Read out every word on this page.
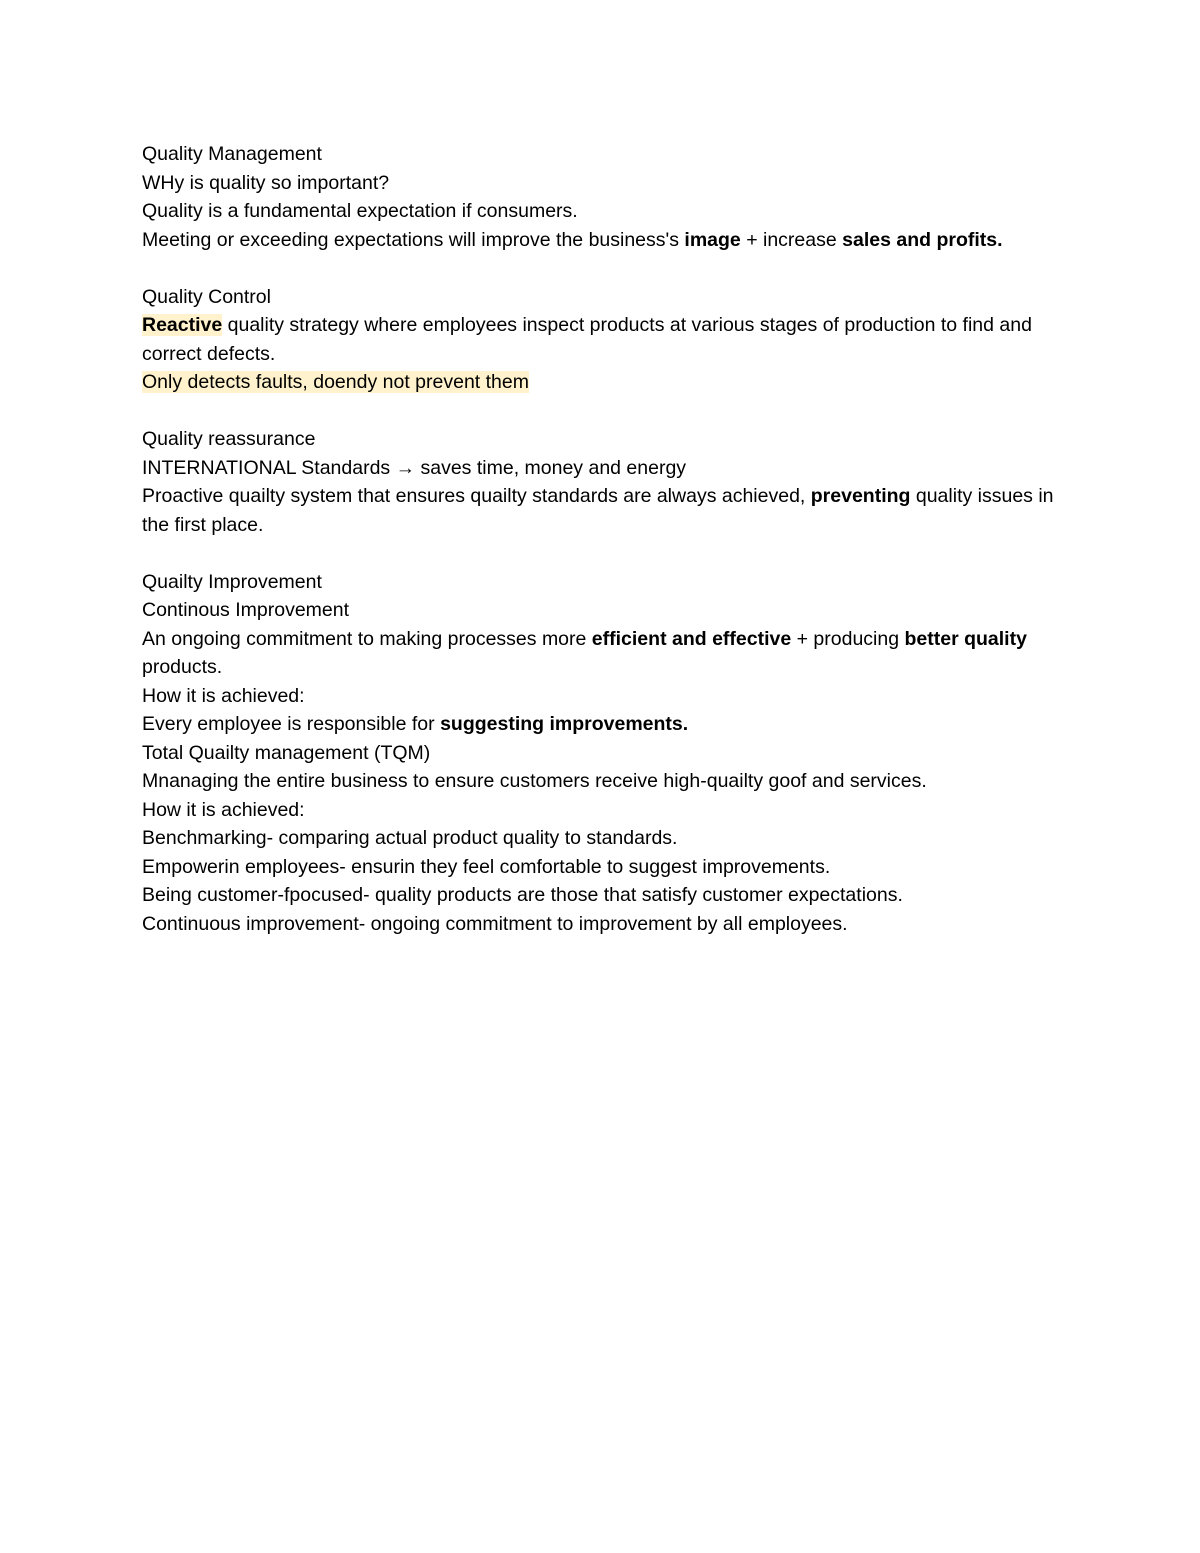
Quality Management

WHy is quality so important?

Quality is a fundamental expectation if consumers.

Meeting or exceeding expectations will improve the business's image + increase sales and profits.

Quality Control

Reactive quality strategy where employees inspect products at various stages of production to find and correct defects.

Only detects faults, doendy not prevent them

Quality reassurance

INTERNATIONAL Standards → saves time, money and energy

Proactive quailty system that ensures quailty standards are always achieved, preventing quality issues in the first place.

Quailty Improvement

Continous Improvement

An ongoing commitment to making processes more efficient and effective + producing better quality  products.

How it is achieved:

Every employee is responsible for suggesting improvements.

Total Quailty management (TQM)

Mnanaging the entire business to ensure customers receive high-quailty goof and services.

How it is achieved:

Benchmarking- comparing actual product quality to standards.

Empowerin employees- ensurin they feel comfortable to suggest improvements.

Being customer-fpocused- quality products are those that satisfy customer expectations.

Continuous improvement- ongoing commitment to improvement by all employees.
